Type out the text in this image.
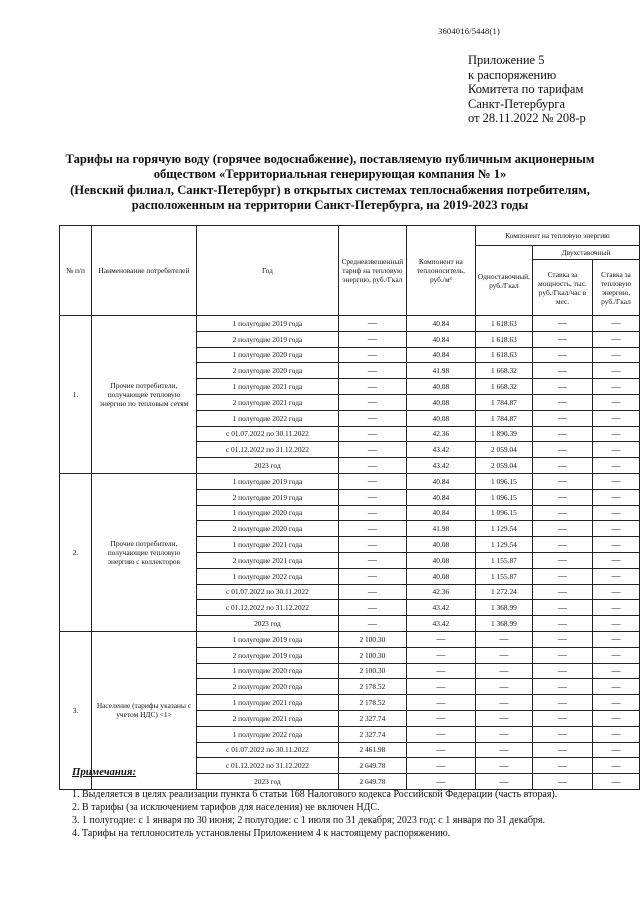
3604016/5448(1)
Приложение 5
к распоряжению
Комитета по тарифам
Санкт-Петербурга
от 28.11.2022 № 208-р
Тарифы на горячую воду (горячее водоснабжение), поставляемую публичным акционерным
обществом «Территориальная генерирующая компания № 1»
(Невский филиал, Санкт-Петербург) в открытых системах теплоснабжения потребителям,
расположенным на территории Санкт-Петербурга, на 2019-2023 годы
№ п/п	Наименование потребителей	Год	Средневзвешенный тариф на тепловую энергию, руб./Гкал	Компонент на теплоноситель, руб./м³	Компонент на тепловую энергию		
					Одноставочный, руб./Гкал	Двухставочный	
						Ставка за мощность, тыс. руб./Гкал/час в мес.	Ставка за тепловую энергию, руб./Гкал
1.	Прочие потребители, получающие тепловую энергию по тепловым сетям	1 полугодие 2019 года	—	40.84	1 618.63	—	—
		2 полугодие 2019 года	—	40.84	1 618.63	—	—
		1 полугодие 2020 года	—	40.84	1 618.63	—	—
		2 полугодие 2020 года	—	41.98	1 668.32	—	—
		1 полугодие 2021 года	—	40.08	1 668.32	—	—
		2 полугодие 2021 года	—	40.08	1 784.87	—	—
		1 полугодие 2022 года	—	40.08	1 784.87	—	—
		с 01.07.2022 по 30.11.2022	—	42.36	1 890.39	—	—
		с 01.12.2022 по 31.12.2022	—	43.42	2 059.04	—	—
		2023 год	—	43.42	2 059.04	—	—
2.	Прочие потребители, получающие тепловую энергию с коллекторов	1 полугодие 2019 года	—	40.84	1 096.15	—	—
		2 полугодие 2019 года	—	40.84	1 096.15	—	—
		1 полугодие 2020 года	—	40.84	1 096.15	—	—
		2 полугодие 2020 года	—	41.98	1 129.54	—	—
		1 полугодие 2021 года	—	40.08	1 129.54	—	—
		2 полугодие 2021 года	—	40.08	1 155.87	—	—
		1 полугодие 2022 года	—	40.08	1 155.87	—	—
		с 01.07.2022 по 30.11.2022	—	42.36	1 272.24	—	—
		с 01.12.2022 по 31.12.2022	—	43.42	1 368.99	—	—
		2023 год	—	43.42	1 368.99	—	—
3.	Население (тарифы указаны с учетом НДС) <1>	1 полугодие 2019 года	2 100.30	—	—	—	—
		2 полугодие 2019 года	2 100.30	—	—	—	—
		1 полугодие 2020 года	2 100.30	—	—	—	—
		2 полугодие 2020 года	2 178.52	—	—	—	—
		1 полугодие 2021 года	2 178.52	—	—	—	—
		2 полугодие 2021 года	2 327.74	—	—	—	—
		1 полугодие 2022 года	2 327.74	—	—	—	—
		с 01.07.2022 по 30.11.2022	2 461.98	—	—	—	—
		с 01.12.2022 по 31.12.2022	2 649.78	—	—	—	—
		2023 год	2 649.78	—	—	—	—
Примечания:
1. Выделяется в целях реализации пункта 6 статьи 168 Налогового кодекса Российской Федерации (часть вторая).
2. В тарифы (за исключением тарифов для населения) не включен НДС.
3. 1 полугодие: с 1 января по 30 июня; 2 полугодие: с 1 июля по 31 декабря; 2023 год: с 1 января по 31 декабря.
4. Тарифы на теплоноситель установлены Приложением 4 к настоящему распоряжению.
